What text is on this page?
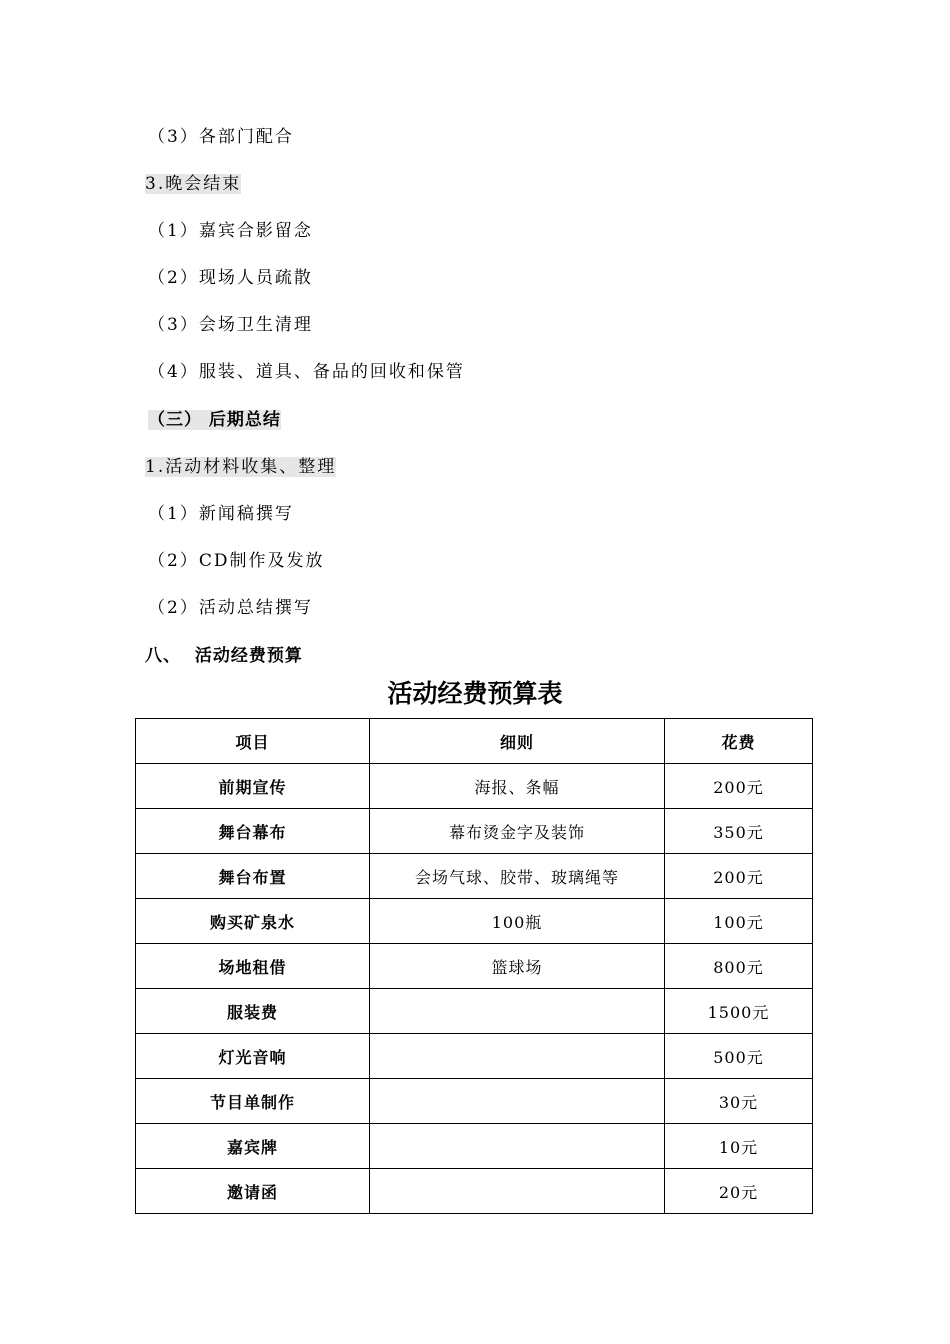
（3）各部门配合
3.晚会结束
（1）嘉宾合影留念
（2）现场人员疏散
（3）会场卫生清理
（4）服装、道具、备品的回收和保管
（三） 后期总结
1.活动材料收集、整理
（1）新闻稿撰写
（2）CD制作及发放
（2）活动总结撰写
八、  活动经费预算
活动经费预算表
项目	细则	花费
前期宣传	海报、条幅	200元
舞台幕布	幕布烫金字及装饰	350元
舞台布置	会场气球、胶带、玻璃绳等	200元
购买矿泉水	100瓶	100元
场地租借	篮球场	800元
服装费		1500元
灯光音响		500元
节目单制作		30元
嘉宾牌		10元
邀请函		20元
